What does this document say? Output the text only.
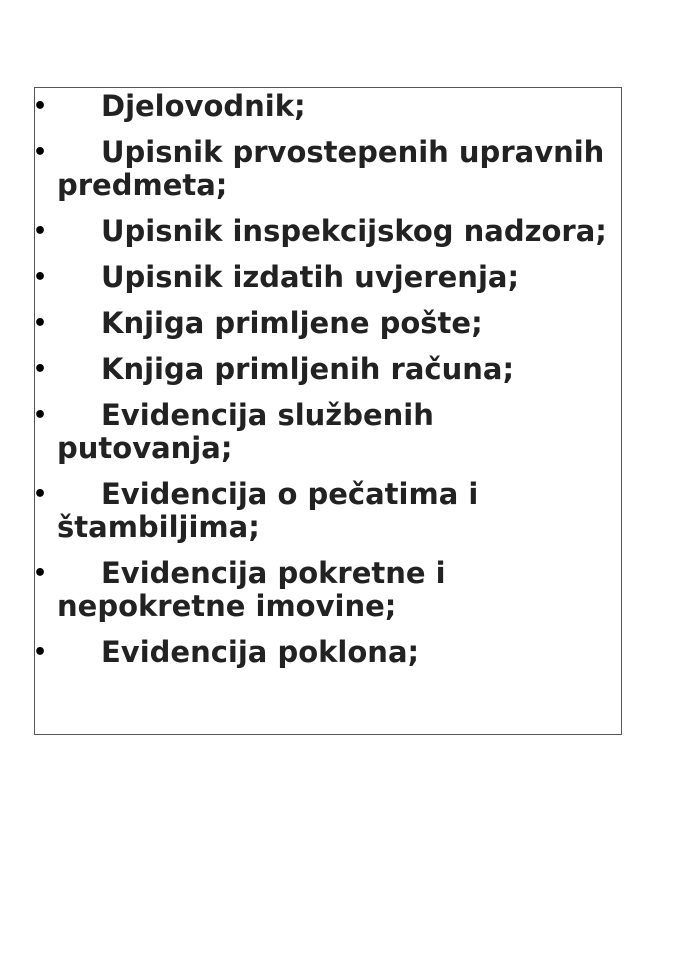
• Djelovodnik;
• Upisnik prvostepenih upravnih predmeta;
• Upisnik inspekcijskog nadzora;
• Upisnik izdatih uvjerenja;
• Knjiga primljene pošte;
• Knjiga primljenih računa;
• Evidencija službenih putovanja;
• Evidencija o pečatima i štambiljima;
• Evidencija pokretne i nepokretne imovine;
• Evidencija poklona;
